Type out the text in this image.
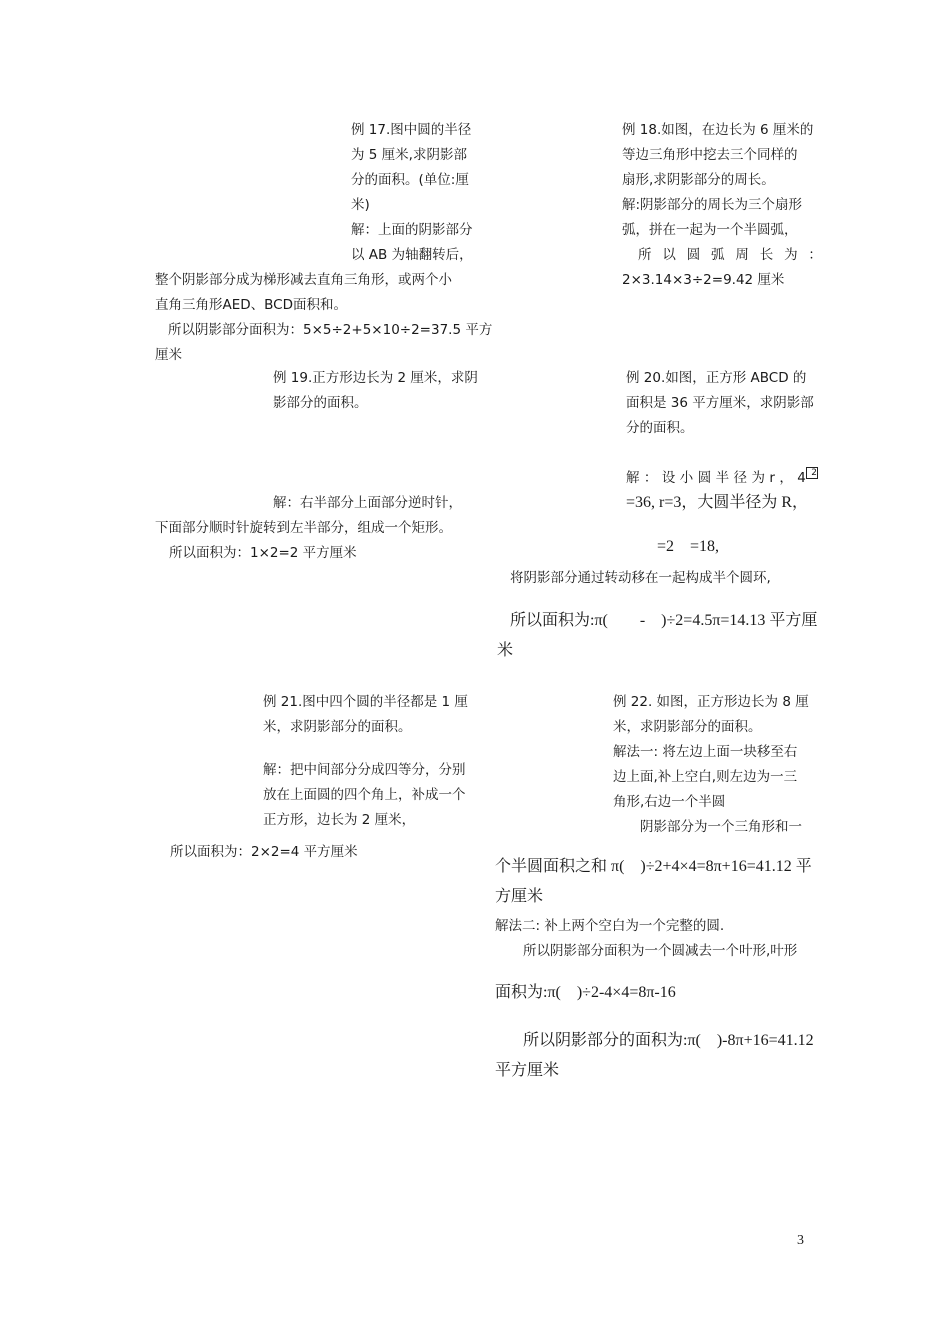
例 17.图中圆的半径
为 5 厘米,求阴影部
分的面积。(单位:厘
米)
解：上面的阴影部分
以 AB 为轴翻转后，
整个阴影部分成为梯形减去直角三角形，或两个小
直角三角形AED、BCD面积和。
所以阴影部分面积为：5×5÷2+5×10÷2=37.5 平方
厘米
例 18.如图，在边长为 6 厘米的
等边三角形中挖去三个同样的
扇形,求阴影部分的周长。
解:阴影部分的周长为三个扇形
弧，拼在一起为一个半圆弧，
所 以 圆 弧 周 长 为 ：
2×3.14×3÷2=9.42 厘米
例 19.正方形边长为 2 厘米，求阴
影部分的面积。
解：右半部分上面部分逆时针，
下面部分顺时针旋转到左半部分，组成一个矩形。
所以面积为：1×2=2 平方厘米
例 20.如图，正方形 ABCD 的
面积是 36 平方厘米，求阴影部
分的面积。
解 ： 设 小 圆 半 径 为 r ， 4 2
=36, r=3，大圆半径为 R，
=2　=18,
将阴影部分通过转动移在一起构成半个圆环,
所以面积为:π(　　-　)÷2=4.5π=14.13 平方厘
米
例 21.图中四个圆的半径都是 1 厘
米，求阴影部分的面积。
解：把中间部分分成四等分，分别
放在上面圆的四个角上，补成一个
正方形，边长为 2 厘米，
所以面积为：2×2=4 平方厘米
例 22. 如图，正方形边长为 8 厘
米，求阴影部分的面积。
解法一: 将左边上面一块移至右
边上面,补上空白,则左边为一三
角形,右边一个半圆
阴影部分为一个三角形和一
个半圆面积之和 π(　)÷2+4×4=8π+16=41.12 平
方厘米
解法二: 补上两个空白为一个完整的圆.
所以阴影部分面积为一个圆减去一个叶形,叶形
面积为:π(　)÷2-4×4=8π-16
所以阴影部分的面积为:π(　)-8π+16=41.12
平方厘米
3
